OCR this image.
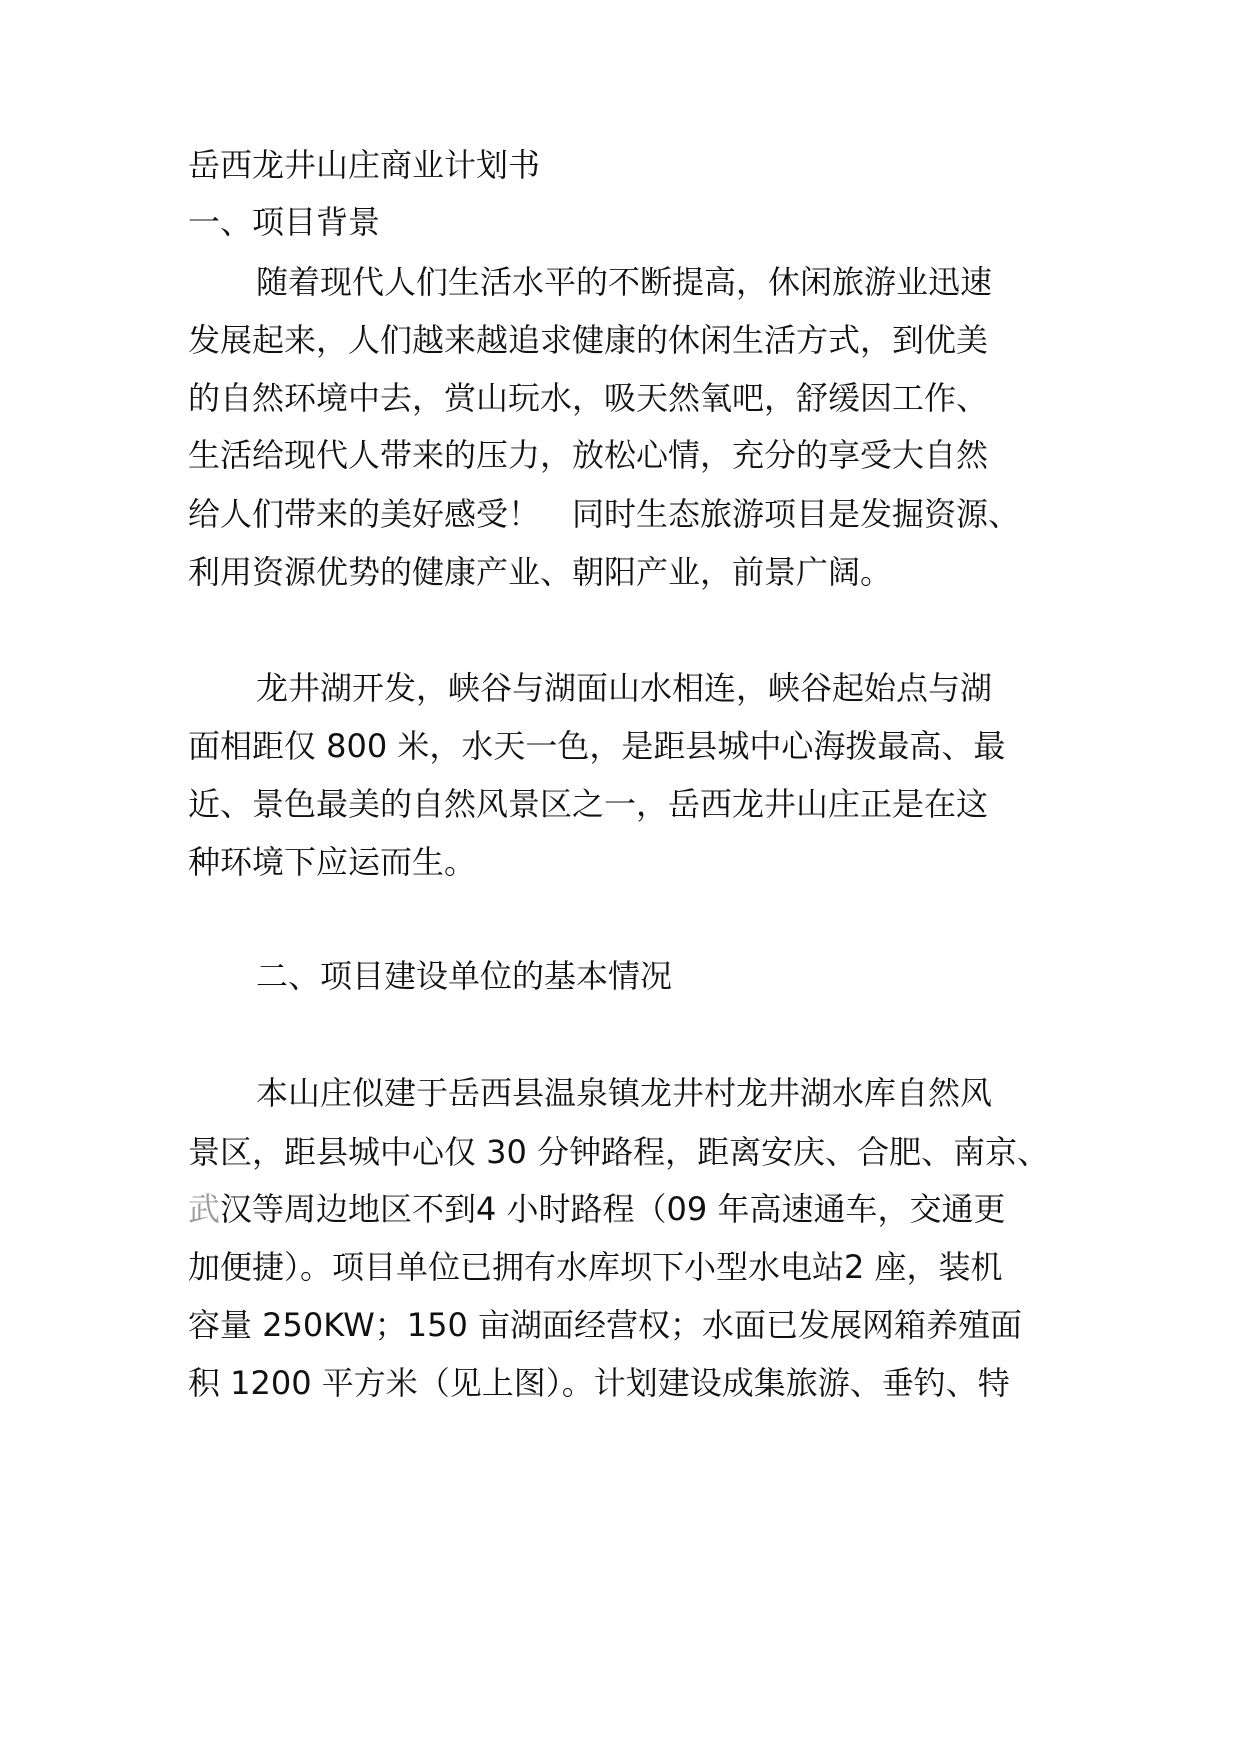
岳西龙井山庄商业计划书
一、项目背景

随着现代人们生活水平的不断提高，休闲旅游业迅速

发展起来，人们越来越追求健康的休闲生活方式，到优美

的自然环境中去，赏山玩水，吸天然氧吧，舒缓因工作、

生活给现代人带来的压力，放松心情，充分的享受大自然

给人们带来的美好感受！　同时生态旅游项目是发掘资源、

利用资源优势的健康产业、朝阳产业，前景广阔。

龙井湖开发，峡谷与湖面山水相连，峡谷起始点与湖

面相距仅 800 米，水天一色，是距县城中心海拨最高、最

近、景色最美的自然风景区之一，岳西龙井山庄正是在这

种环境下应运而生。

二、项目建设单位的基本情况

本山庄似建于岳西县温泉镇龙井村龙井湖水库自然风

景区，距县城中心仅 30 分钟路程，距离安庆、合肥、南京、

武汉等周边地区不到4 小时路程（09 年高速通车，交通更

加便捷）。项目单位已拥有水库坝下小型水电站2 座，装机

容量 250KW；150 亩湖面经营权；水面已发展网箱养殖面

积 1200 平方米（见上图）。计划建设成集旅游、垂钓、特
